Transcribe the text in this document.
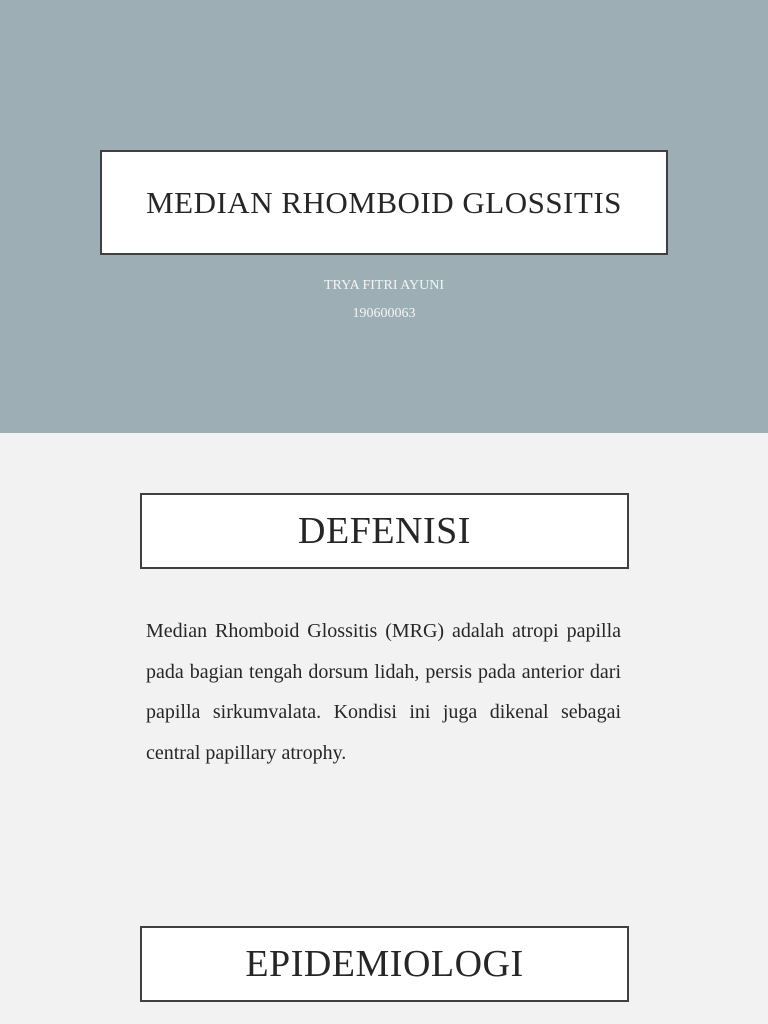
MEDIAN RHOMBOID GLOSSITIS
TRYA FITRI AYUNI
190600063
DEFENISI

Median Rhomboid Glossitis (MRG) adalah atropi papilla pada bagian tengah dorsum lidah, persis pada anterior dari papilla sirkumvalata. Kondisi ini juga dikenal sebagai central papillary atrophy.

EPIDEMIOLOGI
